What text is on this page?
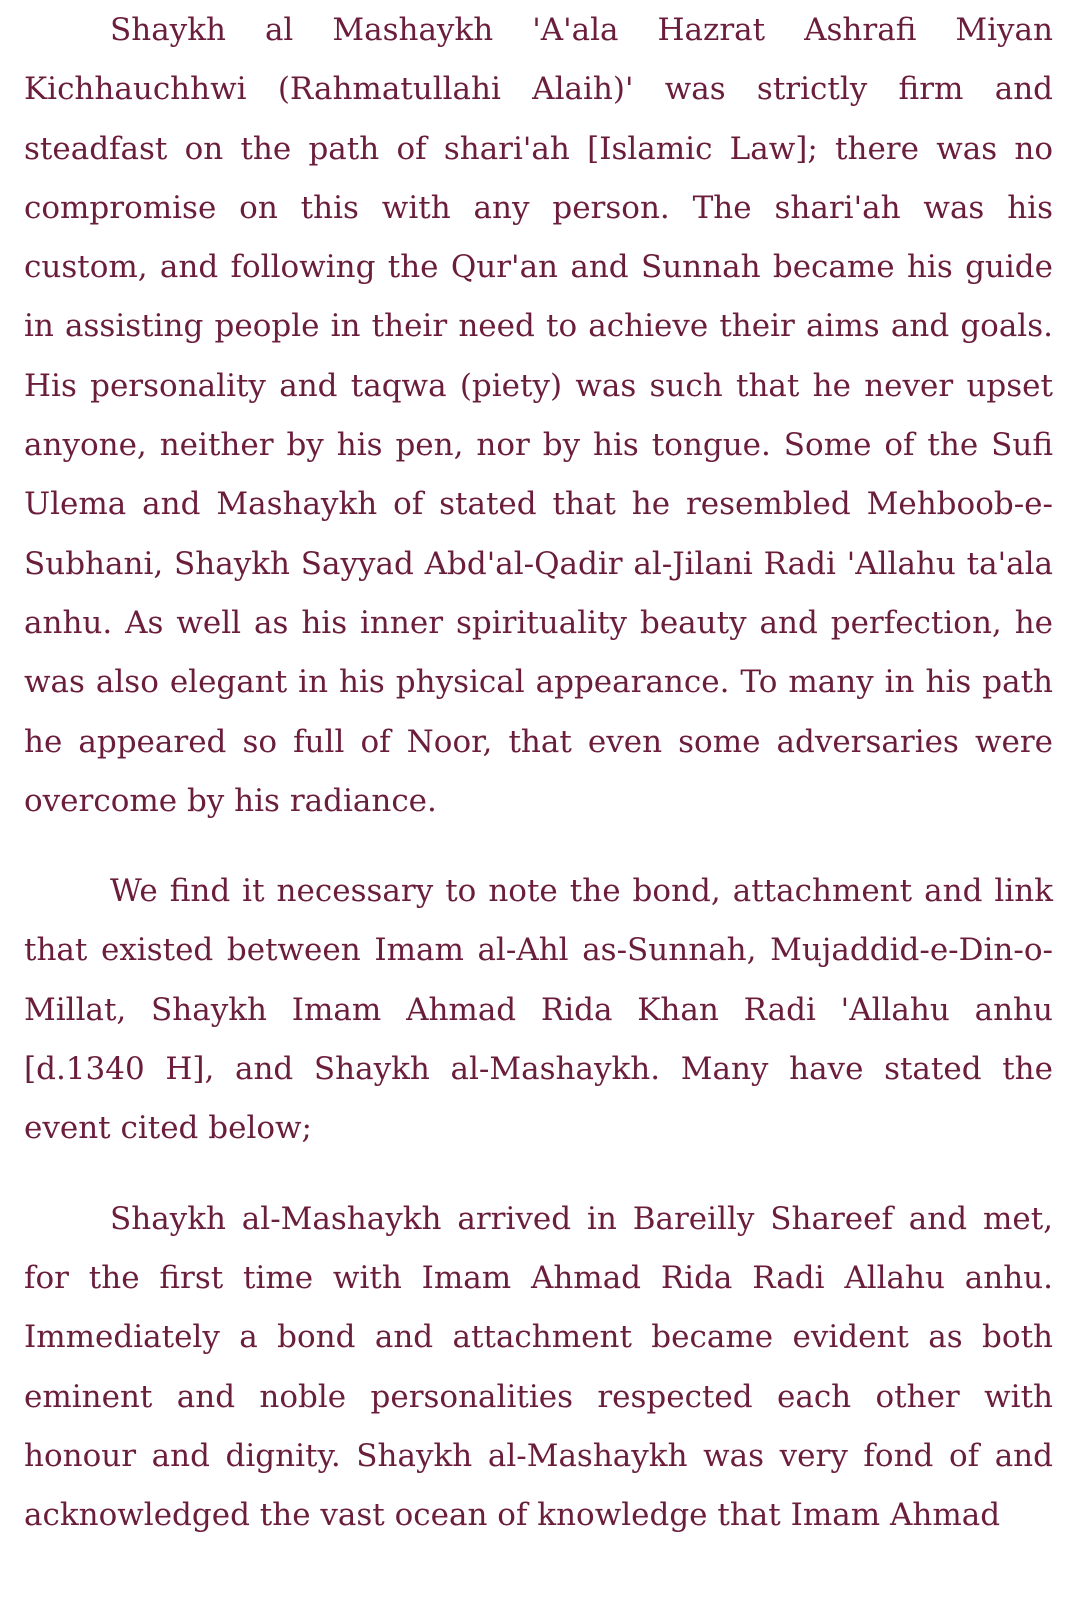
Shaykh al Mashaykh 'A'ala Hazrat Ashrafi Miyan Kichhauchhwi (Rahmatullahi Alaih)' was strictly firm and steadfast on the path of shari'ah [Islamic Law]; there was no compromise on this with any person. The shari'ah was his custom, and following the Qur'an and Sunnah became his guide in assisting people in their need to achieve their aims and goals. His personality and taqwa (piety) was such that he never upset anyone, neither by his pen, nor by his tongue. Some of the Sufi Ulema and Mashaykh of stated that he resembled Mehboob-e-Subhani, Shaykh Sayyad Abd'al-Qadir al-Jilani Radi 'Allahu ta'ala anhu. As well as his inner spirituality beauty and perfection, he was also elegant in his physical appearance. To many in his path he appeared so full of Noor, that even some adversaries were overcome by his radiance.

We find it necessary to note the bond, attachment and link that existed between Imam al-Ahl as-Sunnah, Mujaddid-e-Din-o-Millat, Shaykh Imam Ahmad Rida Khan Radi 'Allahu anhu [d.1340 H], and Shaykh al-Mashaykh. Many have stated the event cited below;

Shaykh al-Mashaykh arrived in Bareilly Shareef and met, for the first time with Imam Ahmad Rida Radi Allahu anhu. Immediately a bond and attachment became evident as both eminent and noble personalities respected each other with honour and dignity. Shaykh al-Mashaykh was very fond of and acknowledged the vast ocean of knowledge that Imam Ahmad
